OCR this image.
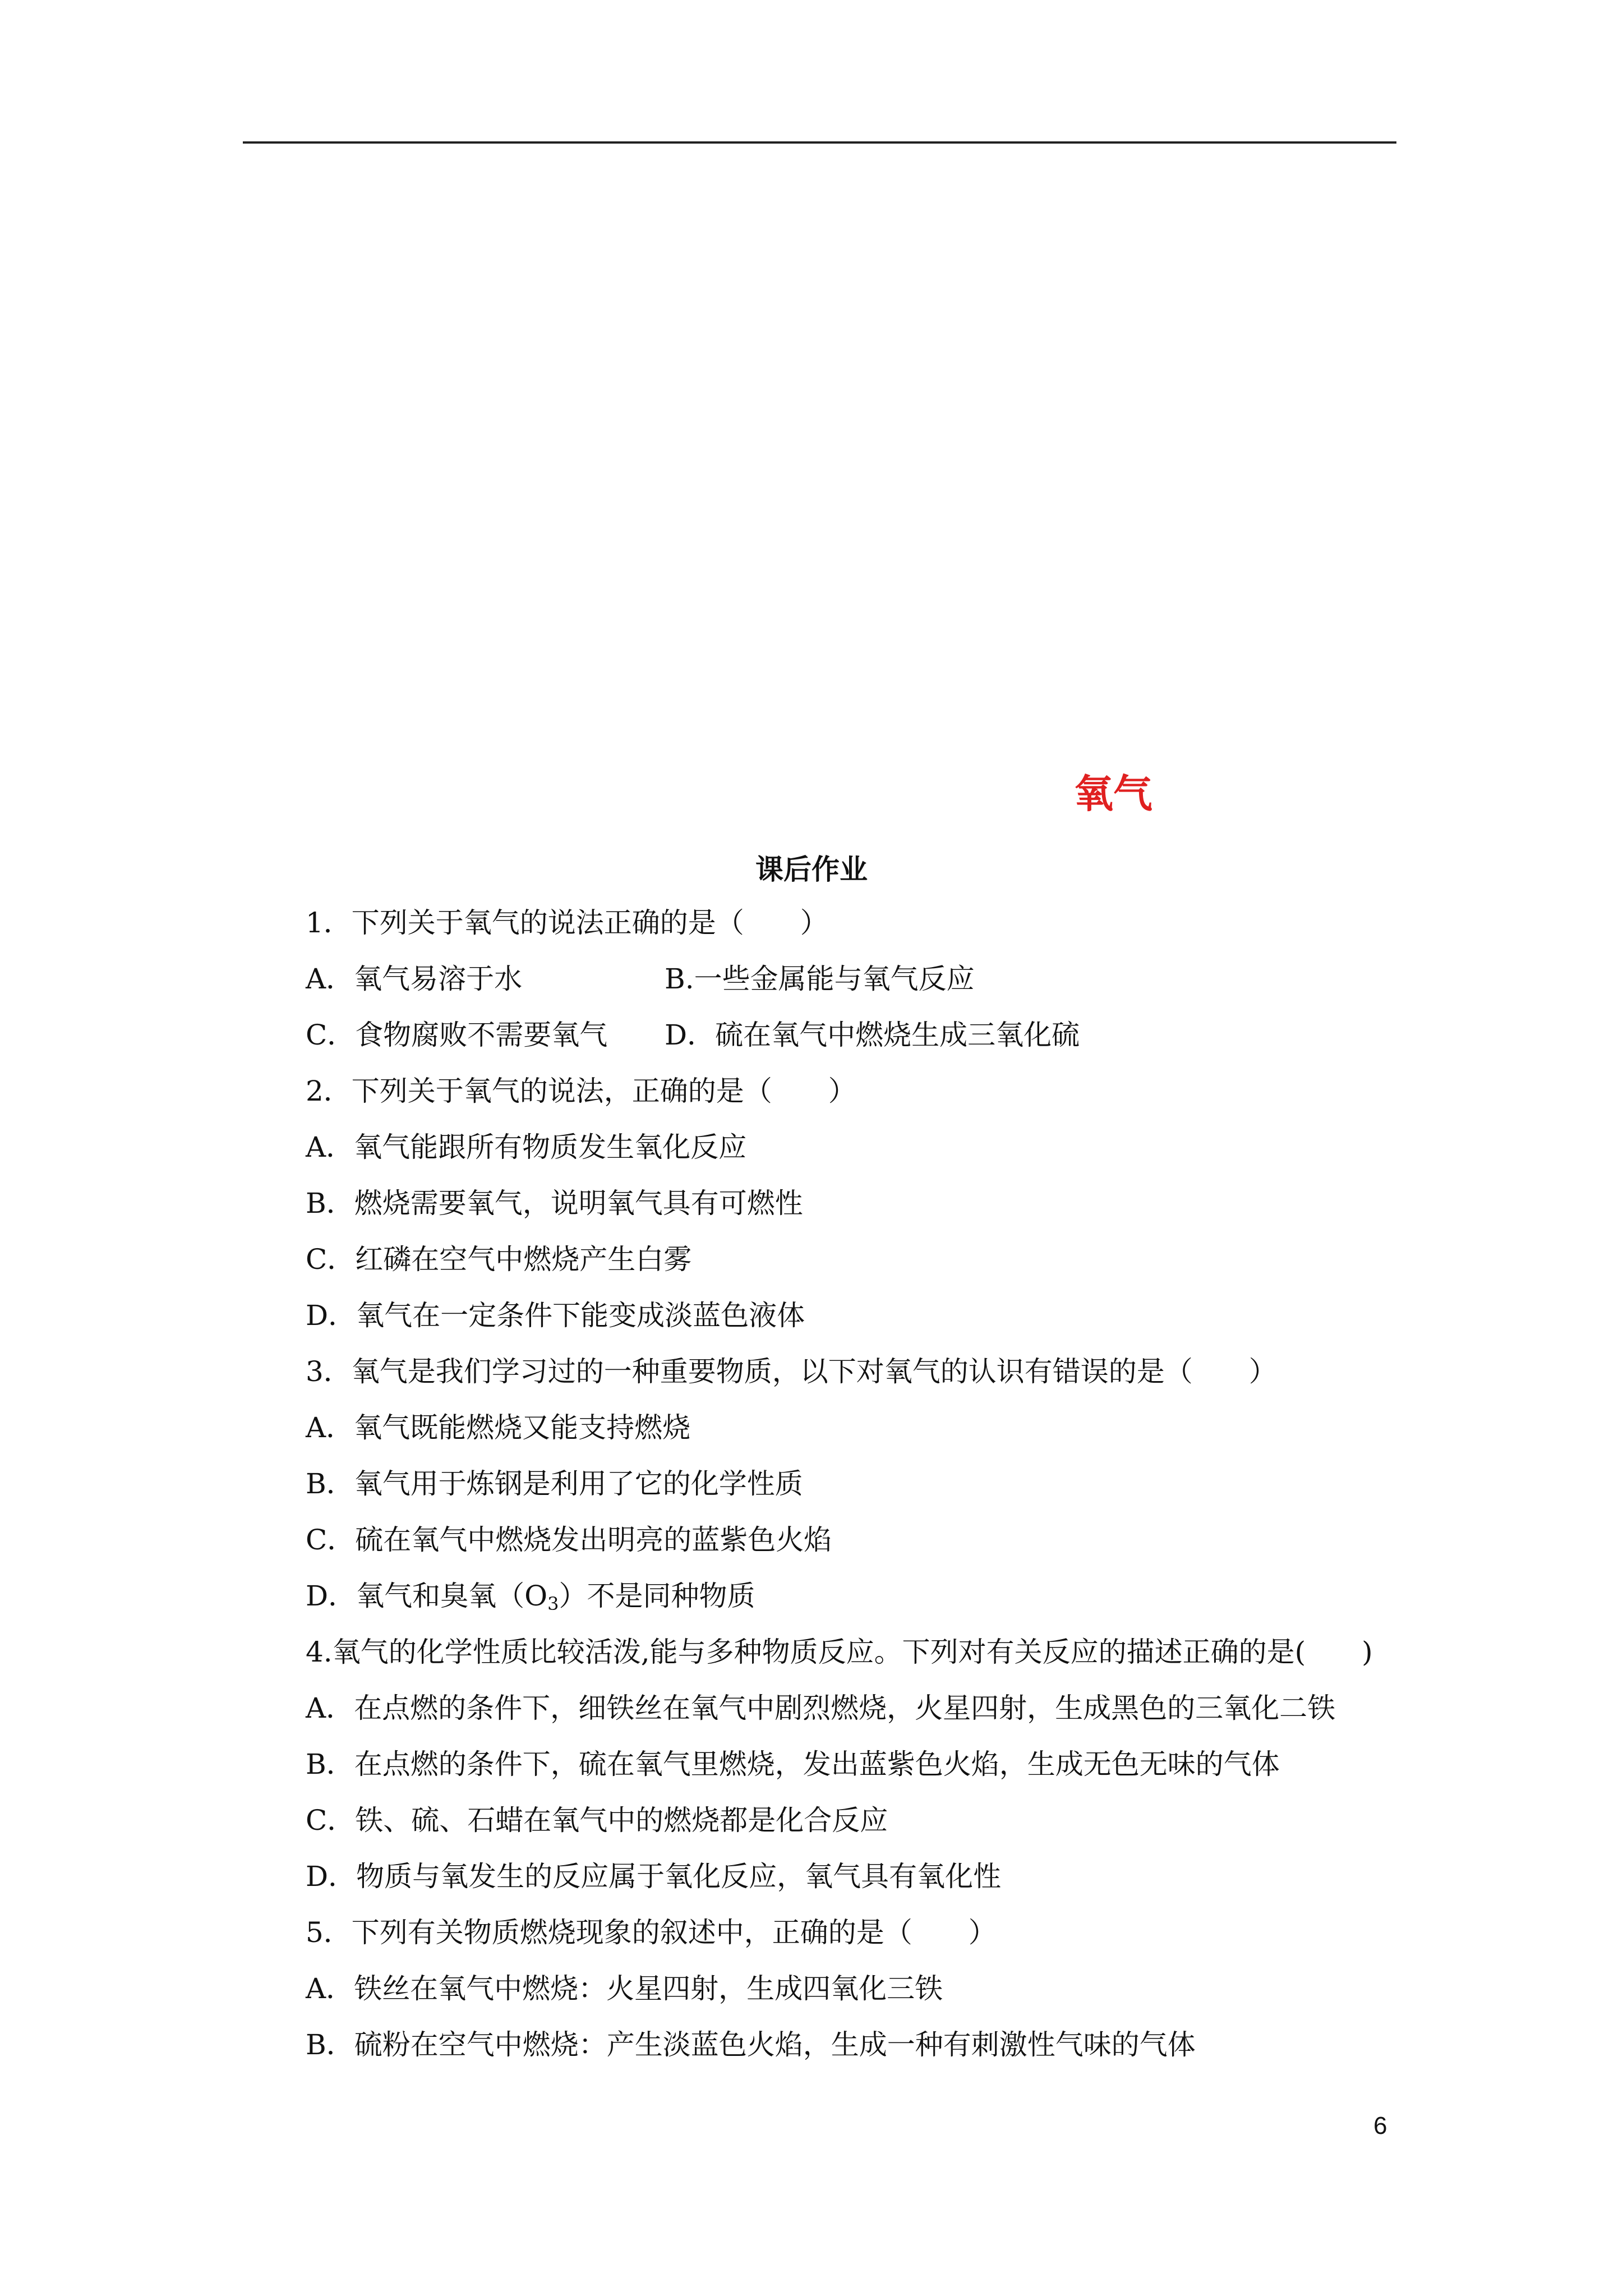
氧气
课后作业
1．下列关于氧气的说法正确的是（　　）
A．氧气易溶于水	B.一些金属能与氧气反应
C．食物腐败不需要氧气 D．硫在氧气中燃烧生成三氧化硫
2．下列关于氧气的说法，正确的是（　　）
A．氧气能跟所有物质发生氧化反应
B．燃烧需要氧气，说明氧气具有可燃性
C．红磷在空气中燃烧产生白雾
D．氧气在一定条件下能变成淡蓝色液体
3．氧气是我们学习过的一种重要物质，以下对氧气的认识有错误的是（　　）
A．氧气既能燃烧又能支持燃烧
B．氧气用于炼钢是利用了它的化学性质
C．硫在氧气中燃烧发出明亮的蓝紫色火焰
D．氧气和臭氧$(O_3)$不是同种物质
4.氧气的化学性质比较活泼,能与多种物质反应。下列对有关反应的描述正确的是(　　)
A．在点燃的条件下，细铁丝在氧气中剧烈燃烧，火星四射，生成黑色的三氧化二铁
B．在点燃的条件下，硫在氧气里燃烧，发出蓝紫色火焰，生成无色无味的气体
C．铁、硫、石蜡在氧气中的燃烧都是化合反应
D．物质与氧发生的反应属于氧化反应，氧气具有氧化性
5．下列有关物质燃烧现象的叙述中，正确的是（　　）
A．铁丝在氧气中燃烧：火星四射，生成四氧化三铁
B．硫粉在空气中燃烧：产生淡蓝色火焰，生成一种有刺激性气味的气体
6
